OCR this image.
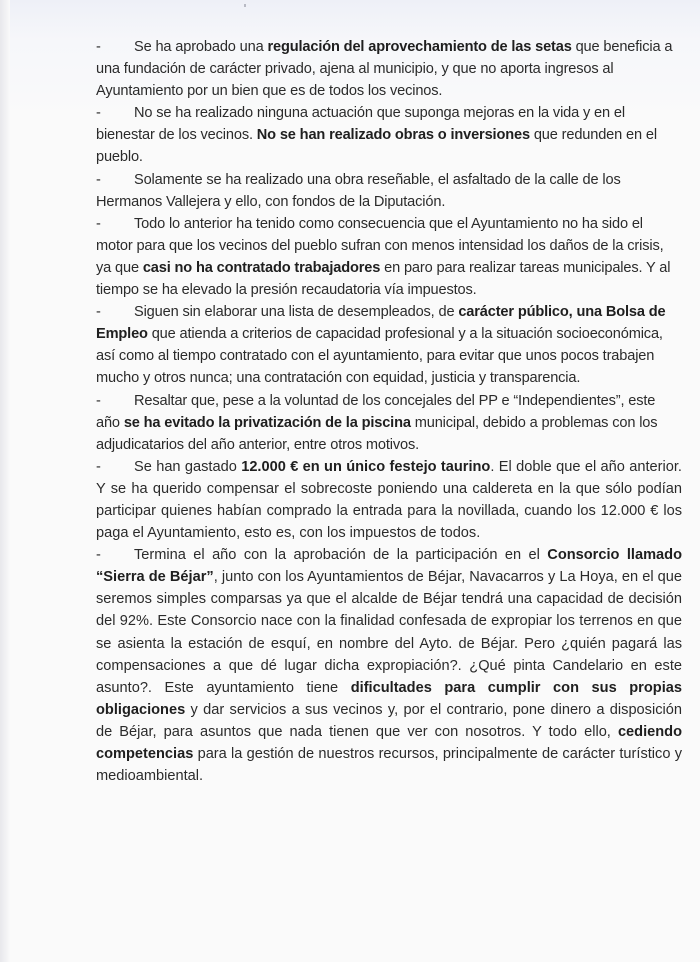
- Se ha aprobado una regulación del aprovechamiento de las setas que beneficia a una fundación de carácter privado, ajena al municipio, y que no aporta ingresos al Ayuntamiento por un bien que es de todos los vecinos.

- No se ha realizado ninguna actuación que suponga mejoras en la vida y en el bienestar de los vecinos. No se han realizado obras o inversiones que redunden en el pueblo.

- Solamente se ha realizado una obra reseñable, el asfaltado de la calle de los Hermanos Vallejera y ello, con fondos de la Diputación.

- Todo lo anterior ha tenido como consecuencia que el Ayuntamiento no ha sido el motor para que los vecinos del pueblo sufran con menos intensidad los daños de la crisis, ya que casi no ha contratado trabajadores en paro para realizar tareas municipales. Y al tiempo se ha elevado la presión recaudatoria vía impuestos.

- Siguen sin elaborar una lista de desempleados, de carácter público, una Bolsa de Empleo que atienda a criterios de capacidad profesional y a la situación socioeconómica, así como al tiempo contratado con el ayuntamiento, para evitar que unos pocos trabajen mucho y otros nunca; una contratación con equidad, justicia y transparencia.

- Resaltar que, pese a la voluntad de los concejales del PP e “Independientes”, este año se ha evitado la privatización de la piscina municipal, debido a problemas con los adjudicatarios del año anterior, entre otros motivos.

- Se han gastado 12.000 € en un único festejo taurino. El doble que el año anterior. Y se ha querido compensar el sobrecoste poniendo una caldereta en la que sólo podían participar quienes habían comprado la entrada para la novillada, cuando los 12.000 € los paga el Ayuntamiento, esto es, con los impuestos de todos.

- Termina el año con la aprobación de la participación en el Consorcio llamado “Sierra de Béjar”, junto con los Ayuntamientos de Béjar, Navacarros y La Hoya, en el que seremos simples comparsas ya que el alcalde de Béjar tendrá una capacidad de decisión del 92%. Este Consorcio nace con la finalidad confesada de expropiar los terrenos en que se asienta la estación de esquí, en nombre del Ayto. de Béjar. Pero ¿quién pagará las compensaciones a que dé lugar dicha expropiación?. ¿Qué pinta Candelario en este asunto?. Este ayuntamiento tiene dificultades para cumplir con sus propias obligaciones y dar servicios a sus vecinos y, por el contrario, pone dinero a disposición de Béjar, para asuntos que nada tienen que ver con nosotros. Y todo ello, cediendo competencias para la gestión de nuestros recursos, principalmente de carácter turístico y medioambiental.
